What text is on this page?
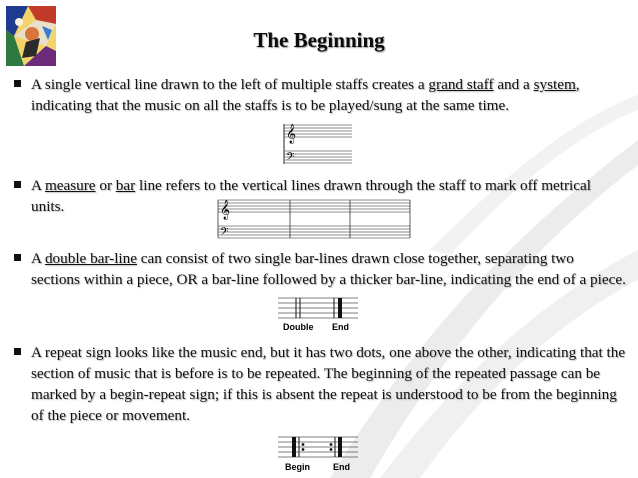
The Beginning
A single vertical line drawn to the left of multiple staffs creates a grand staff and a system, indicating that the music on all the staffs is to be played/sung at the same time.
𝄞
𝄢
A measure or bar line refers to the vertical lines drawn through the staff to mark off metrical units.	𝄞
𝄢
A double bar-line can consist of two single bar-lines drawn close together, separating two sections within a piece, OR a bar-line followed by a thicker bar-line, indicating the end of a piece.
Double End
A repeat sign looks like the music end, but it has two dots, one above the other, indicating that the section of music that is before is to be repeated. The beginning of the repeated passage can be marked by a begin-repeat sign; if this is absent the repeat is understood to be from the beginning of the piece or movement.
Begin	End
